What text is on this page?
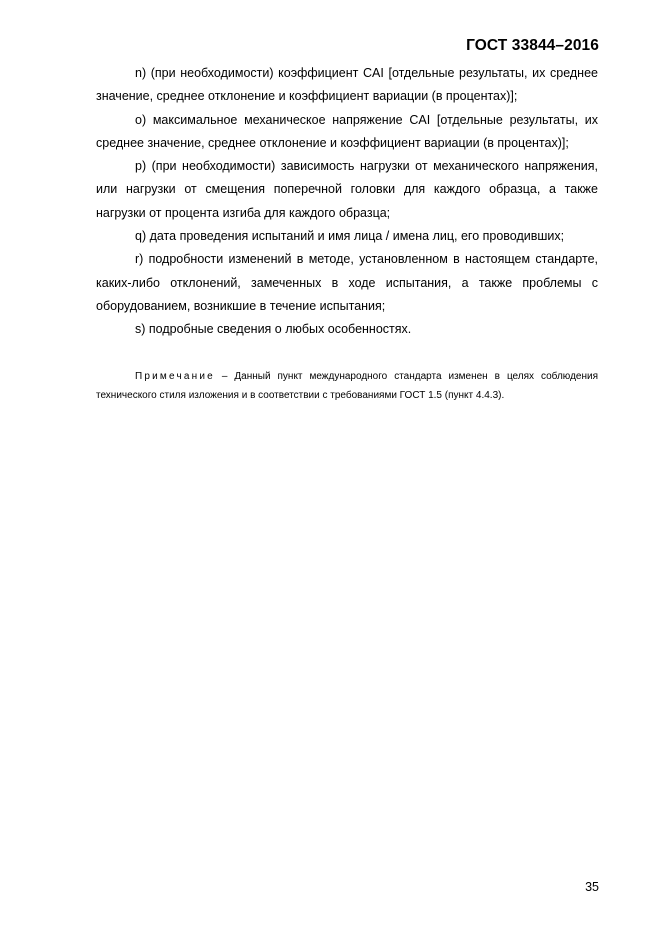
ГОСТ 33844–2016

n) (при необходимости) коэффициент CAI [отдельные результаты, их среднее значение, среднее отклонение и коэффициент вариации (в процентах)];

o) максимальное механическое напряжение CAI [отдельные результаты, их среднее значение, среднее отклонение и коэффициент вариации (в процентах)];

p) (при необходимости) зависимость нагрузки от механического напряжения, или нагрузки от смещения поперечной головки для каждого образца, а также нагрузки от процента изгиба для каждого образца;

q) дата проведения испытаний и имя лица / имена лиц, его проводивших;

r) подробности изменений в методе, установленном в настоящем стандарте, каких-либо отклонений, замеченных в ходе испытания, а также проблемы с оборудованием, возникшие в течение испытания;

s) подробные сведения о любых особенностях.

Примечание – Данный пункт международного стандарта изменен в целях соблюдения технического стиля изложения и в соответствии с требованиями ГОСТ 1.5 (пункт 4.4.3).
35
